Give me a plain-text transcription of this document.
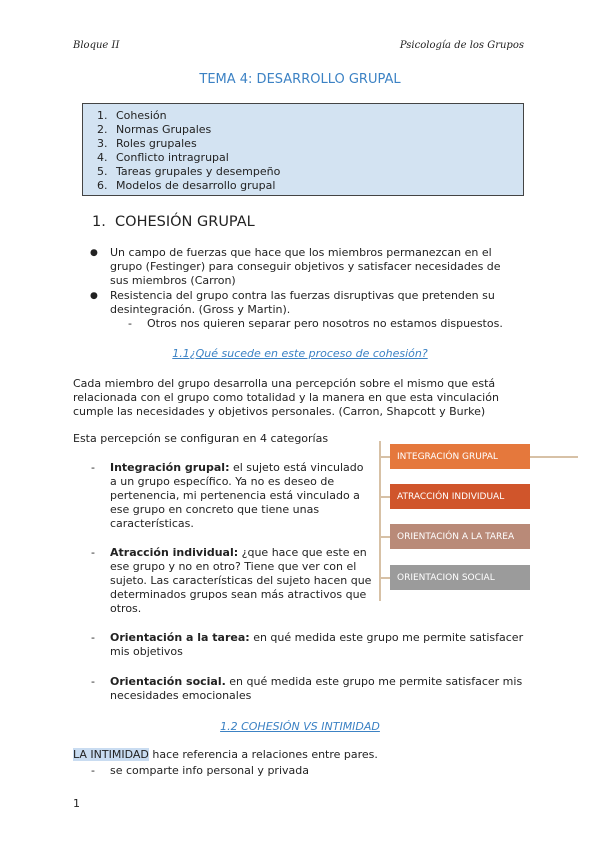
Bloque II	Psicología de los Grupos
TEMA 4: DESARROLLO GRUPAL
1. Cohesión
2. Normas Grupales
3. Roles grupales
4. Conflicto intragrupal
5. Tareas grupales y desempeño
6. Modelos de desarrollo grupal
1.  COHESIÓN GRUPAL
● Un campo de fuerzas que hace que los miembros permanezcan en el grupo (Festinger) para conseguir objetivos y satisfacer necesidades de sus miembros (Carron)
● Resistencia del grupo contra las fuerzas disruptivas que pretenden su desintegración. (Gross y Martin).
- Otros nos quieren separar pero nosotros no estamos dispuestos.
1.1¿Qué sucede en este proceso de cohesión?
Cada miembro del grupo desarrolla una percepción sobre el mismo que está relacionada con el grupo como totalidad y la manera en que esta vinculación cumple las necesidades y objetivos personales. (Carron, Shapcott y Burke)
Esta percepción se configuran en 4 categorías
- Integración grupal: el sujeto está vinculado a un grupo específico. Ya no es deseo de pertenencia, mi pertenencia está vinculado a ese grupo en concreto que tiene unas características.
- Atracción individual: ¿que hace que este en ese grupo y no en otro? Tiene que ver con el sujeto. Las características del sujeto hacen que determinados grupos sean más atractivos que otros.
- Orientación a la tarea: en qué medida este grupo me permite satisfacer mis objetivos
- Orientación social. en qué medida este grupo me permite satisfacer mis necesidades emocionales
INTEGRACIÓN GRUPAL
ATRACCIÓN INDIVIDUAL
ORIENTACIÓN A LA TAREA
ORIENTACION SOCIAL
1.2 COHESIÓN VS INTIMIDAD
LA INTIMIDAD hace referencia a relaciones entre pares.
- se comparte info personal y privada
1
